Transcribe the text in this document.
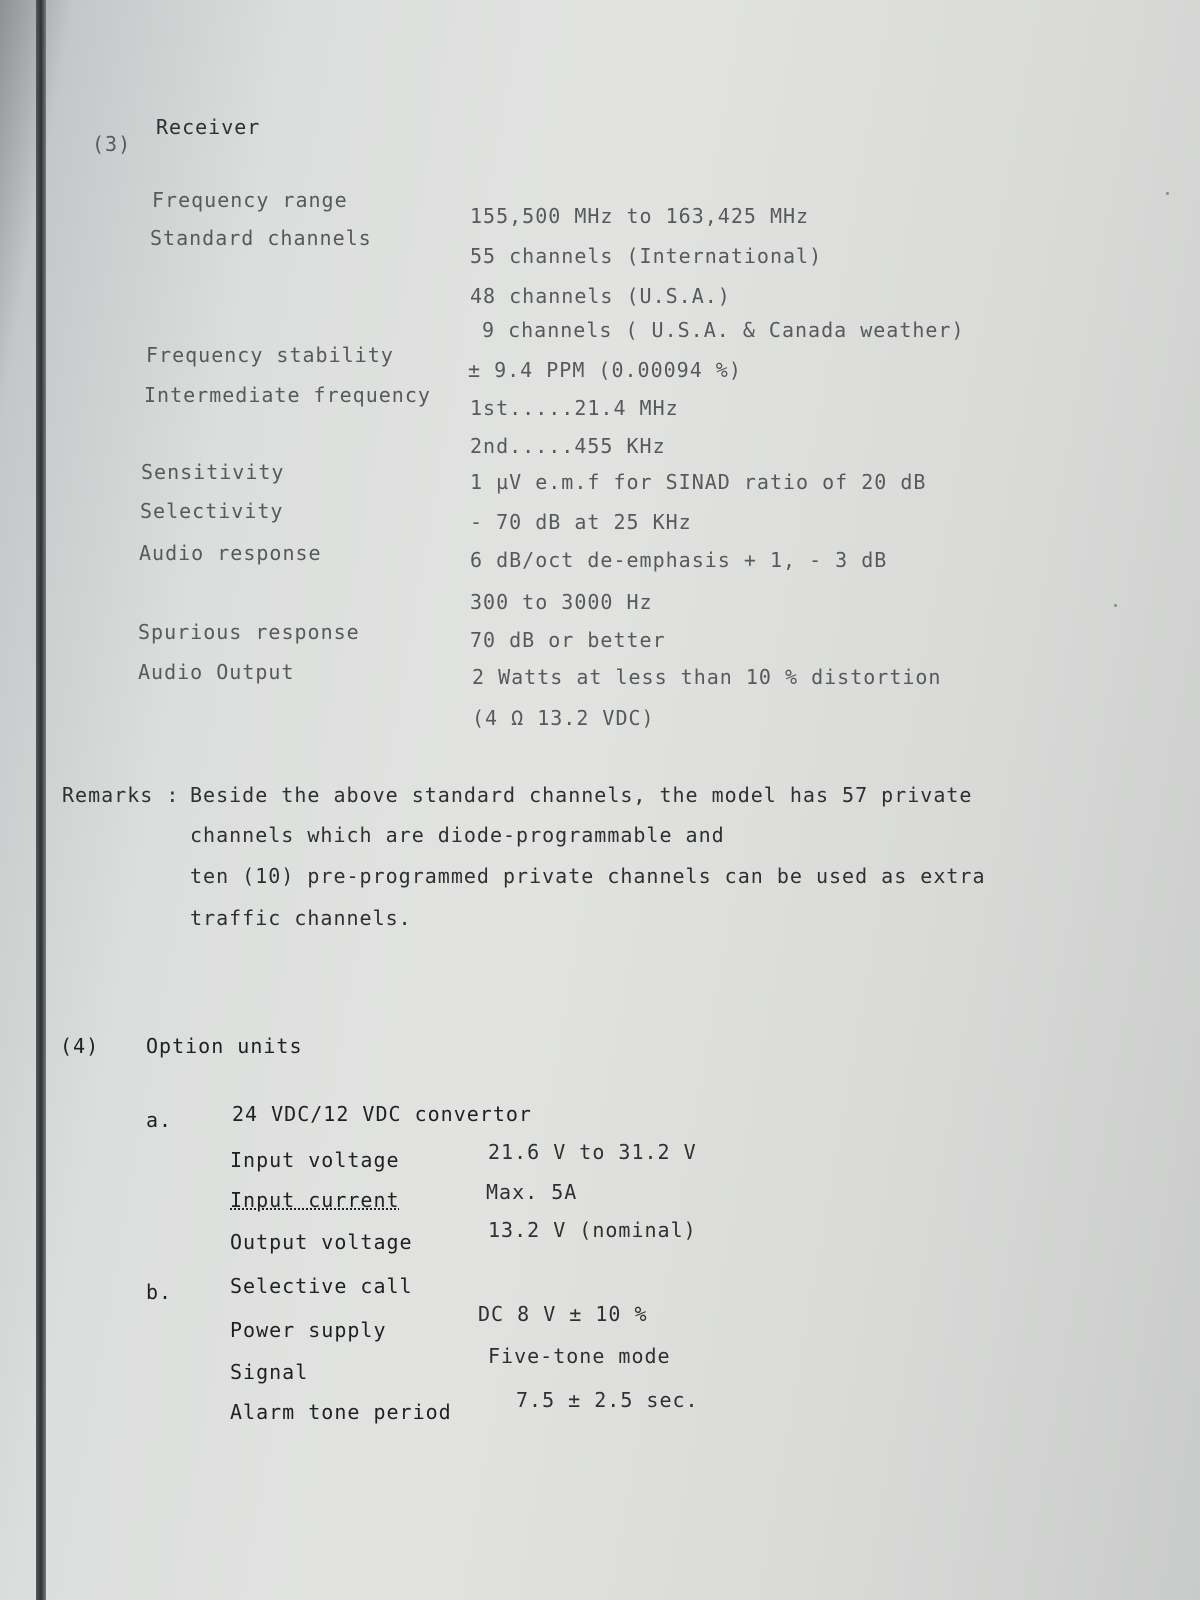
(3)
Receiver
Frequency range
Standard channels
Frequency stability
Intermediate frequency
Sensitivity
Selectivity
Audio response
Spurious response
Audio Output
155,500 MHz to 163,425 MHz
55 channels (International)
48 channels (U.S.A.)
9 channels ( U.S.A. & Canada weather)
± 9.4 PPM (0.00094 %)
1st.....21.4 MHz
2nd.....455 KHz
1 µV e.m.f for SINAD ratio of 20 dB
- 70 dB at 25 KHz
6 dB/oct de-emphasis + 1, - 3 dB
300 to 3000 Hz
70 dB or better
2 Watts at less than 10 % distortion
(4 Ω 13.2 VDC)
Remarks : Beside the above standard channels, the model has 57 private
channels which are diode-programmable and
ten (10) pre-programmed private channels can be used as extra
traffic channels.
(4) Option units
a.	24 VDC/12 VDC convertor
Input voltage
Input current
Output voltage
21.6 V to 31.2 V
Max. 5A
13.2 V (nominal)
b.	Selective call
Power supply
Signal
Alarm tone period
DC 8 V ± 10 %
Five-tone mode
7.5 ± 2.5 sec.
